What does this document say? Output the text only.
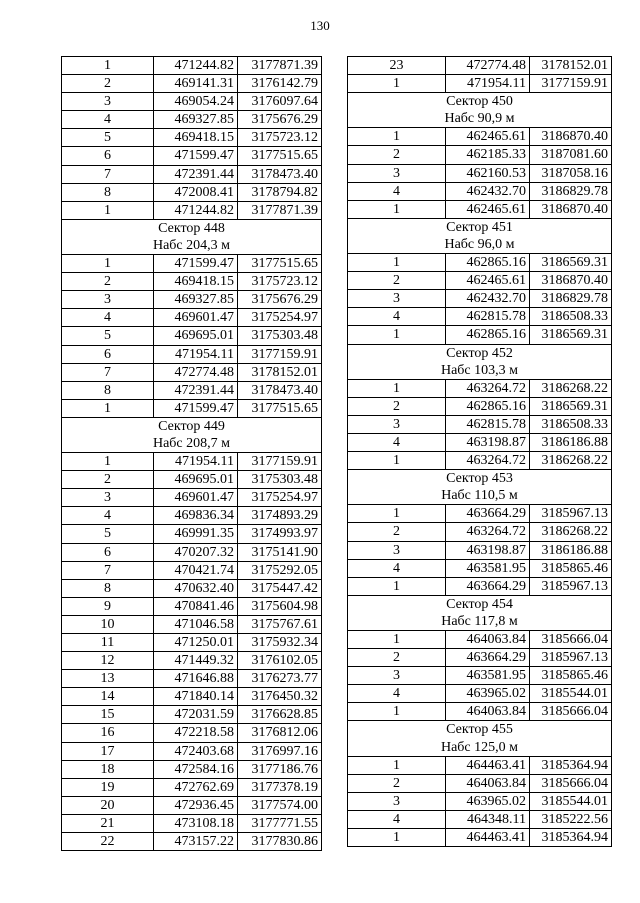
130
1	471244.82	3177871.39
2	469141.31	3176142.79
3	469054.24	3176097.64
4	469327.85	3175676.29
5	469418.15	3175723.12
6	471599.47	3177515.65
7	472391.44	3178473.40
8	472008.41	3178794.82
1	471244.82	3177871.39
Сектор 448		
Набс 204,3 м		
1	471599.47	3177515.65
2	469418.15	3175723.12
3	469327.85	3175676.29
4	469601.47	3175254.97
5	469695.01	3175303.48
6	471954.11	3177159.91
7	472774.48	3178152.01
8	472391.44	3178473.40
1	471599.47	3177515.65
Сектор 449		
Набс 208,7 м		
1	471954.11	3177159.91
2	469695.01	3175303.48
3	469601.47	3175254.97
4	469836.34	3174893.29
5	469991.35	3174993.97
6	470207.32	3175141.90
7	470421.74	3175292.05
8	470632.40	3175447.42
9	470841.46	3175604.98
10	471046.58	3175767.61
11	471250.01	3175932.34
12	471449.32	3176102.05
13	471646.88	3176273.77
14	471840.14	3176450.32
15	472031.59	3176628.85
16	472218.58	3176812.06
17	472403.68	3176997.16
18	472584.16	3177186.76
19	472762.69	3177378.19
20	472936.45	3177574.00
21	473108.18	3177771.55
22	473157.22	3177830.86
23	472774.48	3178152.01
1	471954.11	3177159.91
Сектор 450		
Набс 90,9 м		
1	462465.61	3186870.40
2	462185.33	3187081.60
3	462160.53	3187058.16
4	462432.70	3186829.78
1	462465.61	3186870.40
Сектор 451		
Набс 96,0 м		
1	462865.16	3186569.31
2	462465.61	3186870.40
3	462432.70	3186829.78
4	462815.78	3186508.33
1	462865.16	3186569.31
Сектор 452		
Набс 103,3 м		
1	463264.72	3186268.22
2	462865.16	3186569.31
3	462815.78	3186508.33
4	463198.87	3186186.88
1	463264.72	3186268.22
Сектор 453		
Набс 110,5 м		
1	463664.29	3185967.13
2	463264.72	3186268.22
3	463198.87	3186186.88
4	463581.95	3185865.46
1	463664.29	3185967.13
Сектор 454		
Набс 117,8 м		
1	464063.84	3185666.04
2	463664.29	3185967.13
3	463581.95	3185865.46
4	463965.02	3185544.01
1	464063.84	3185666.04
Сектор 455		
Набс 125,0 м		
1	464463.41	3185364.94
2	464063.84	3185666.04
3	463965.02	3185544.01
4	464348.11	3185222.56
1	464463.41	3185364.94
